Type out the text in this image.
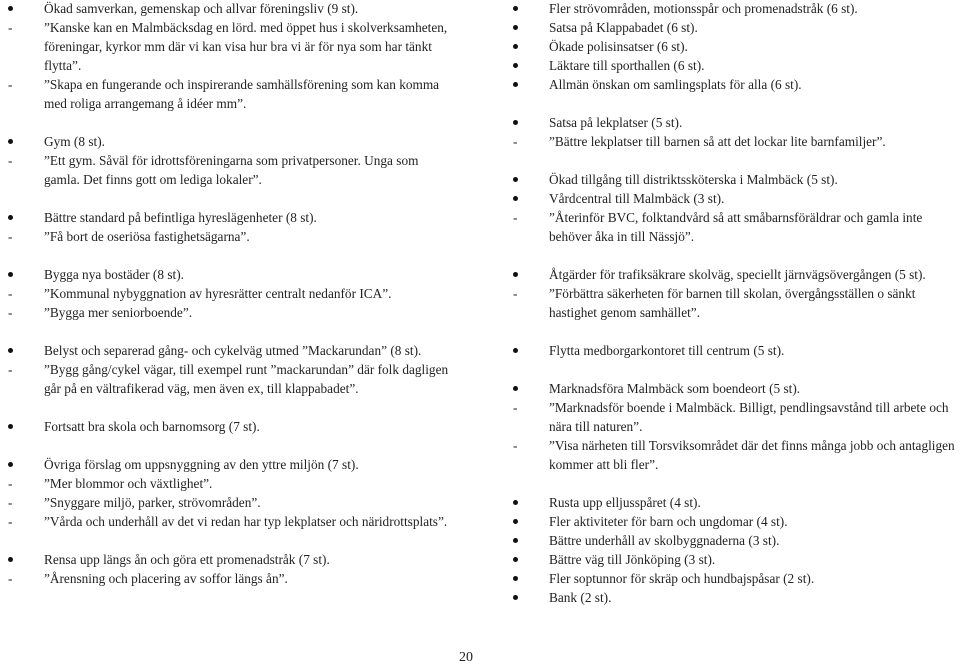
Ökad samverkan, gemenskap och allvar föreningsliv (9 st).
”Kanske kan en Malmbäcksdag en lörd. med öppet hus i skolverksamheten, föreningar, kyrkor mm där vi kan visa hur bra vi är för nya som har tänkt flytta”.
”Skapa en fungerande och inspirerande samhällsförening som kan komma med roliga arrangemang å idéer mm”.
Gym (8 st).
”Ett gym. Såväl för idrottsföreningarna som privatpersoner. Unga som gamla. Det finns gott om lediga lokaler”.
Bättre standard på befintliga hyreslägenheter (8 st).
”Få bort de oseriösa fastighetsägarna”.
Bygga nya bostäder (8 st).
”Kommunal nybyggnation av hyresrätter centralt nedanför ICA”.
”Bygga mer seniorboende”.
Belyst och separerad gång- och cykelväg utmed ”Mackarundan” (8 st).
”Bygg gång/cykel vägar, till exempel runt ”mackarundan” där folk dagligen går på en vältrafikerad väg, men även ex, till klappabadet”.
Fortsatt bra skola och barnomsorg (7 st).
Övriga förslag om uppsnyggning av den yttre miljön (7 st).
”Mer blommor och växtlighet”.
”Snyggare miljö, parker, strövområden”.
”Vårda och underhåll av det vi redan har typ lekplatser och näridrottsplats”.
Rensa upp längs ån och göra ett promenadstråk (7 st).
”Årensning och placering av soffor längs ån”.
Fler strövområden, motionsspår och promenadstråk (6 st).
Satsa på Klappabadet (6 st).
Ökade polisinsatser (6 st).
Läktare till sporthallen (6 st).
Allmän önskan om samlingsplats för alla (6 st).
Satsa på lekplatser (5 st).
”Bättre lekplatser till barnen så att det lockar lite barnfamiljer”.
Ökad tillgång till distriktssköterska i Malmbäck (5 st).
Vårdcentral till Malmbäck (3 st).
”Återinför BVC, folktandvård så att småbarnsföräldrar och gamla inte behöver åka in till Nässjö”.
Åtgärder för trafiksäkrare skolväg, speciellt järnvägsövergången (5 st).
”Förbättra säkerheten för barnen till skolan, övergångsställen o sänkt hastighet genom samhället”.
Flytta medborgarkontoret till centrum (5 st).
Marknadsföra Malmbäck som boendeort (5 st).
”Marknadsför boende i Malmbäck. Billigt, pendlingsavstånd till arbete och nära till naturen”.
”Visa närheten till Torsviksområdet där det finns många jobb och antagligen kommer att bli fler”.
Rusta upp elljusspåret (4 st).
Fler aktiviteter för barn och ungdomar (4 st).
Bättre underhåll av skolbyggnaderna (3 st).
Bättre väg till Jönköping (3 st).
Fler soptunnor för skräp och hundbajspåsar (2 st).
Bank (2 st).
20
